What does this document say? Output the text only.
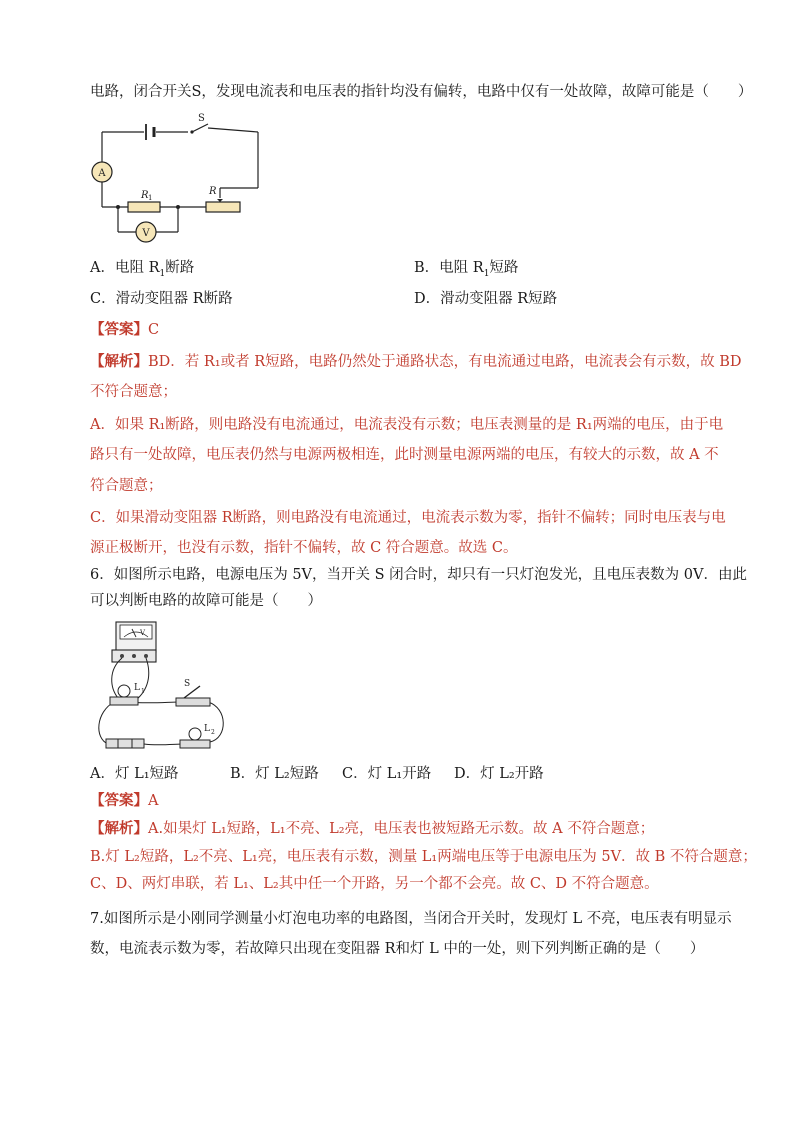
电路，闭合开关S，发现电流表和电压表的指针均没有偏转，电路中仅有一处故障，故障可能是（　　）
A
V
R 1
R
S
A．电阻 $R_1$断路	B．电阻 $R_1$短路
C．滑动变阻器 R断路	D．滑动变阻器 R短路
【答案】C
【解析】BD．若 R₁或者 R短路，电路仍然处于通路状态，有电流通过电路，电流表会有示数，故 BD
不符合题意；
A．如果 R₁断路，则电路没有电流通过，电流表没有示数；电压表测量的是 R₁两端的电压，由于电
路只有一处故障，电压表仍然与电源两极相连，此时测量电源两端的电压，有较大的示数，故 A 不
符合题意；
C．如果滑动变阻器 R断路，则电路没有电流通过，电流表示数为零，指针不偏转；同时电压表与电
源正极断开，也没有示数，指针不偏转，故 C 符合题意。故选 C。
6．如图所示电路，电源电压为 5V，当开关 S 闭合时，却只有一只灯泡发光，且电压表数为 0V．由此
可以判断电路的故障可能是（　　）
V
L 1
S
L 2
A．灯 L₁短路	B．灯 L₂短路 C．灯 L₁开路 D．灯 L₂开路
【答案】A
【解析】A.如果灯 L₁短路，L₁不亮、L₂亮，电压表也被短路无示数。故 A 不符合题意；
B.灯 L₂短路，L₂不亮、L₁亮，电压表有示数，测量 L₁两端电压等于电源电压为 5V．故 B 不符合题意；
C、D、两灯串联，若 L₁、L₂其中任一个开路，另一个都不会亮。故 C、D 不符合题意。
7.如图所示是小刚同学测量小灯泡电功率的电路图，当闭合开关时，发现灯 L 不亮，电压表有明显示
数，电流表示数为零，若故障只出现在变阻器 R和灯 L 中的一处，则下列判断正确的是（　　）
